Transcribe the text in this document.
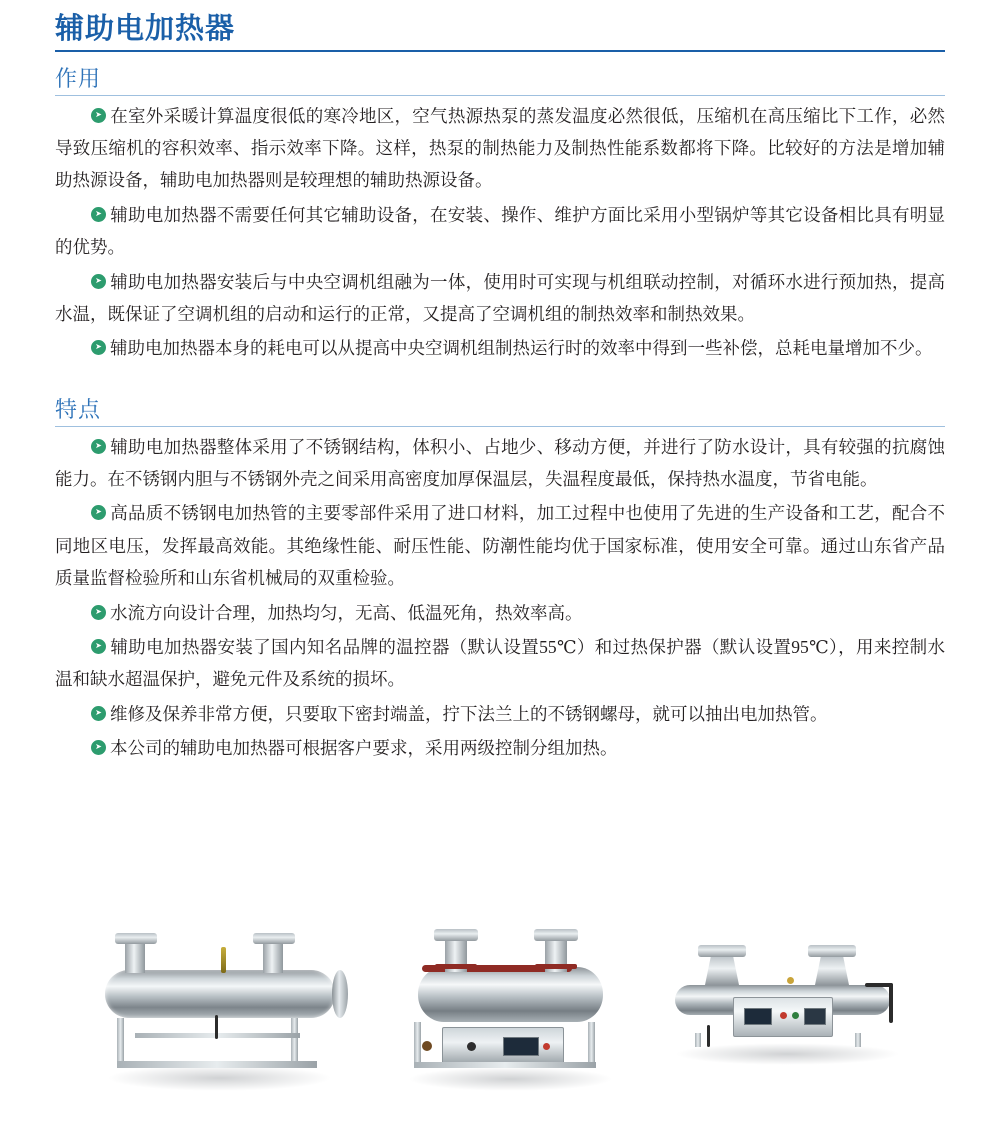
辅助电加热器
作用

➤在室外采暖计算温度很低的寒冷地区，空气热源热泵的蒸发温度必然很低，压缩机在高压缩比下工作，必然导致压缩机的容积效率、指示效率下降。这样，热泵的制热能力及制热性能系数都将下降。比较好的方法是增加辅助热源设备，辅助电加热器则是较理想的辅助热源设备。

➤辅助电加热器不需要任何其它辅助设备，在安装、操作、维护方面比采用小型锅炉等其它设备相比具有明显的优势。

➤辅助电加热器安装后与中央空调机组融为一体，使用时可实现与机组联动控制，对循环水进行预加热，提高水温，既保证了空调机组的启动和运行的正常，又提高了空调机组的制热效率和制热效果。

➤辅助电加热器本身的耗电可以从提高中央空调机组制热运行时的效率中得到一些补偿，总耗电量增加不少。

特点

➤辅助电加热器整体采用了不锈钢结构，体积小、占地少、移动方便，并进行了防水设计，具有较强的抗腐蚀能力。在不锈钢内胆与不锈钢外壳之间采用高密度加厚保温层，失温程度最低，保持热水温度，节省电能。

➤高品质不锈钢电加热管的主要零部件采用了进口材料，加工过程中也使用了先进的生产设备和工艺，配合不同地区电压，发挥最高效能。其绝缘性能、耐压性能、防潮性能均优于国家标准，使用安全可靠。通过山东省产品质量监督检验所和山东省机械局的双重检验。

➤水流方向设计合理，加热均匀，无高、低温死角，热效率高。

➤辅助电加热器安装了国内知名品牌的温控器（默认设置55℃）和过热保护器（默认设置95℃），用来控制水温和缺水超温保护，避免元件及系统的损坏。

➤维修及保养非常方便，只要取下密封端盖，拧下法兰上的不锈钢螺母，就可以抽出电加热管。

➤本公司的辅助电加热器可根据客户要求，采用两级控制分组加热。
